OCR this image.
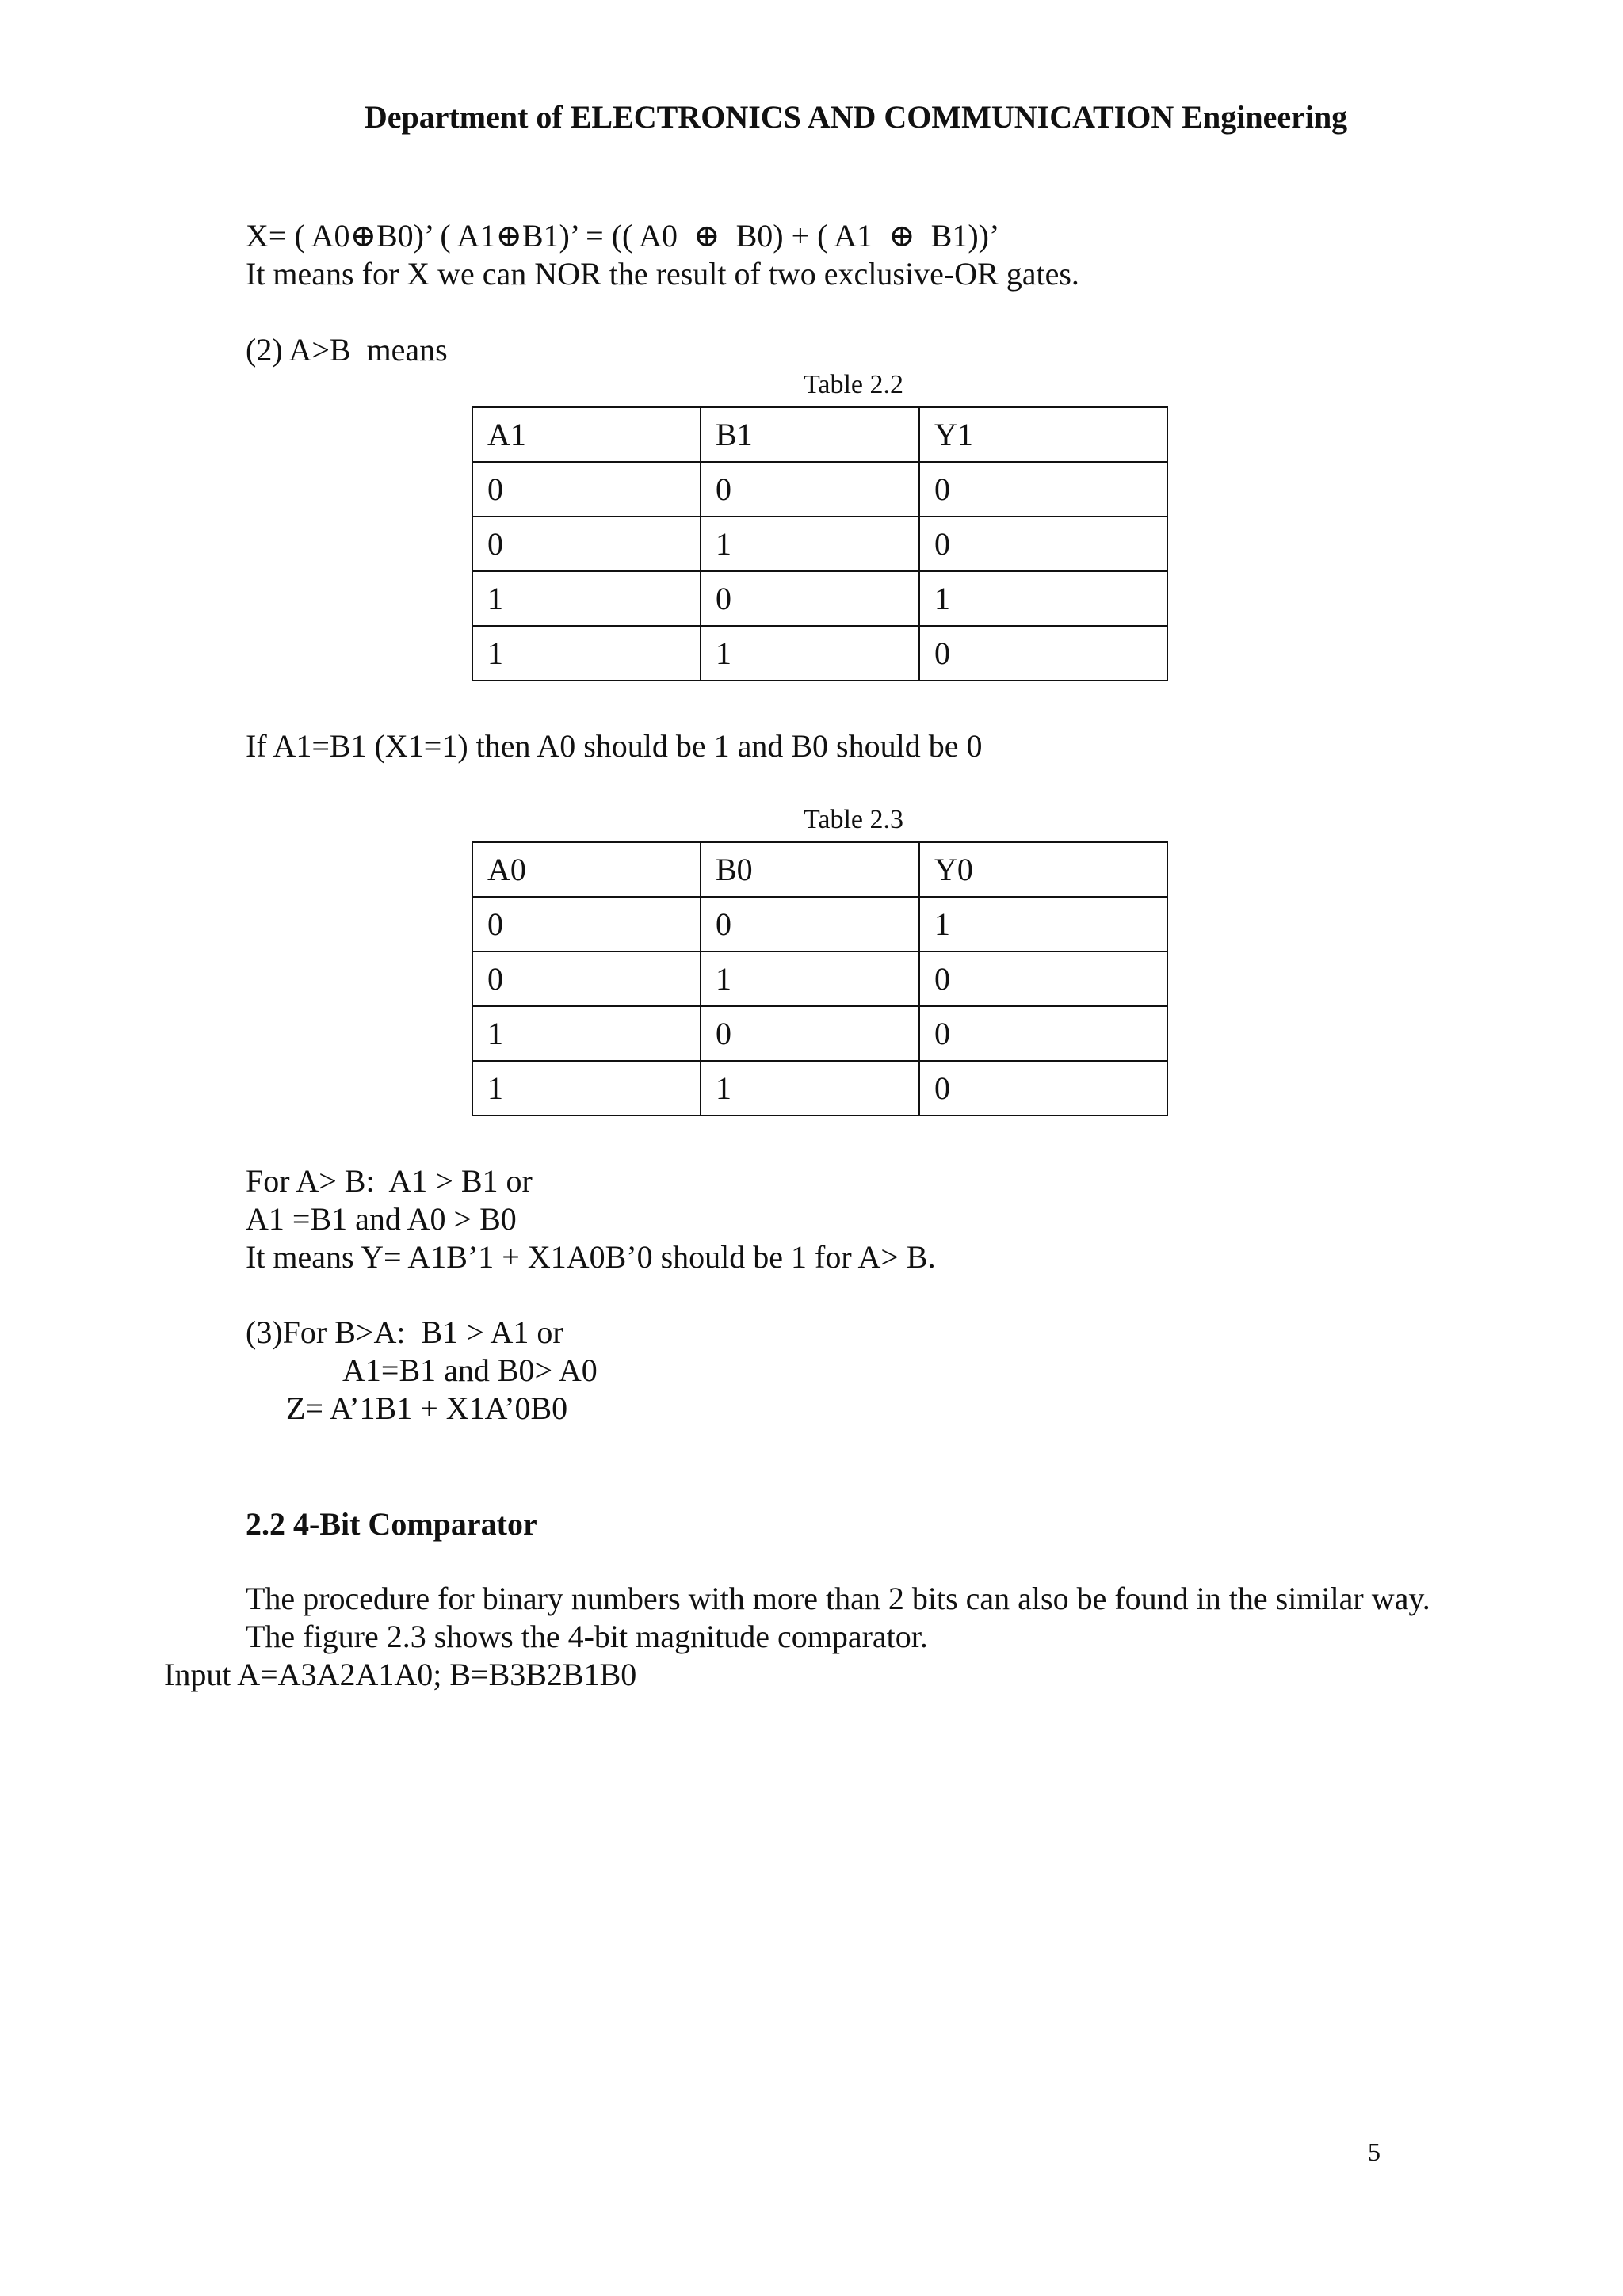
Department of ELECTRONICS AND COMMUNICATION Engineering
X= ( A0⊕B0)’ ( A1⊕B1)’ = (( A0  ⊕  B0) + ( A1  ⊕  B1))’
It means for X we can NOR the result of two exclusive-OR gates.
(2) A>B  means
Table 2.2
A1	B1	Y1
0	0	0
0	1	0
1	0	1
1	1	0
If A1=B1 (X1=1) then A0 should be 1 and B0 should be 0
Table 2.3
A0	B0	Y0
0	0	1
0	1	0
1	0	0
1	1	0
For A> B:  A1 > B1 or
A1 =B1 and A0 > B0
It means Y= A1B’1 + X1A0B’0 should be 1 for A> B.
(3)For B>A:  B1 > A1 or
A1=B1 and B0> A0
Z= A’1B1 + X1A’0B0
2.2 4-Bit Comparator
The procedure for binary numbers with more than 2 bits can also be found in the similar way.
The figure 2.3 shows the 4-bit magnitude comparator.
Input A=A3A2A1A0; B=B3B2B1B0
5
